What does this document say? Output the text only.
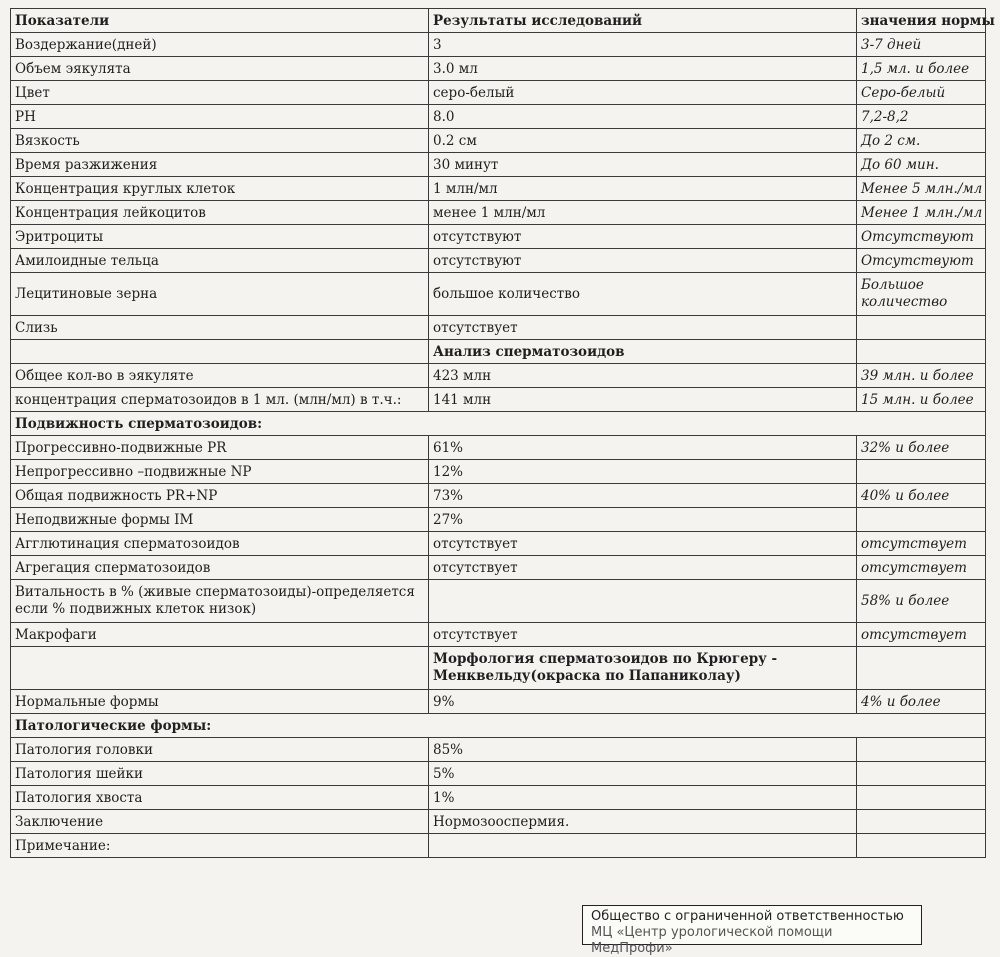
Показатели	Результаты исследований	значения нормы
Воздержание(дней)	3	3-7 дней
Объем эякулята	3.0 мл	1,5 мл. и более
Цвет	серо-белый	Серо-белый
PH	8.0	7,2-8,2
Вязкость	0.2 см	До 2 см.
Время разжижения	30 минут	До 60 мин.
Концентрация круглых клеток	1 млн/мл	Менее 5 млн./мл
Концентрация лейкоцитов	менее 1 млн/мл	Менее 1 млн./мл
Эритроциты	отсутствуют	Отсутствуют
Амилоидные тельца	отсутствуют	Отсутствуют
Лецитиновые зерна	большое количество	Большое количество
Слизь	отсутствует	
	Анализ сперматозоидов	
Общее кол-во в эякуляте	423 млн	39 млн. и более
концентрация сперматозоидов в 1 мл. (млн/мл) в т.ч.:	141 млн	15 млн. и более
Подвижность сперматозоидов:		
Прогрессивно-подвижные PR	61%	32% и более
Непрогрессивно –подвижные NP	12%	
Общая подвижность PR+NP	73%	40% и более
Неподвижные формы IM	27%	
Агглютинация сперматозоидов	отсутствует	отсутствует
Агрегация сперматозоидов	отсутствует	отсутствует
Витальность в % (живые сперматозоиды)-определяется если % подвижных клеток низок)		58% и более
Макрофаги	отсутствует	отсутствует
	Морфология сперматозоидов по Крюгеру - Менквельду(окраска по Папаниколау)	
Нормальные формы	9%	4% и более
Патологические формы:		
Патология головки	85%	
Патология шейки	5%	
Патология хвоста	1%	
Заключение	Нормозооспермия.	
Примечание:		
Общество с ограниченной ответственностью
МЦ «Центр урологической помощи МедПрофи»
